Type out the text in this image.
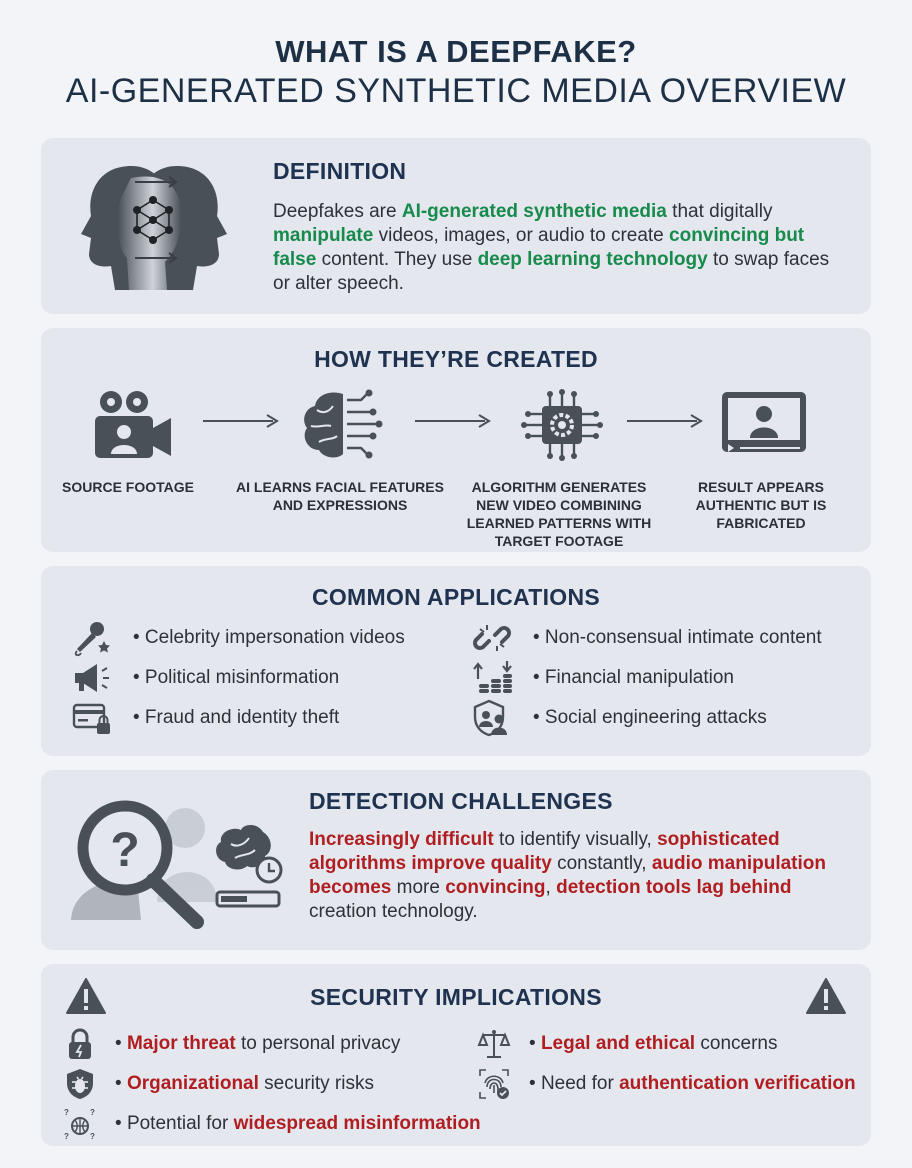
WHAT IS A DEEPFAKE?
AI-GENERATED SYNTHETIC MEDIA OVERVIEW
DEFINITION

Deepfakes are AI-generated synthetic media that digitally manipulate videos, images, or audio to create convincing but false content. They use deep learning technology to swap faces or alter speech.

HOW THEY’RE CREATED
SOURCE FOOTAGE	AI LEARNS FACIAL FEATURES AND EXPRESSIONS
ALGORITHM GENERATES NEW VIDEO COMBINING LEARNED PATTERNS WITH TARGET FOOTAGE
RESULT APPEARS AUTHENTIC BUT IS FABRICATED
COMMON APPLICATIONS
• Celebrity impersonation videos
• Political misinformation
• Fraud and identity theft
• Non-consensual intimate content
• Financial manipulation
• Social engineering attacks
?
DETECTION CHALLENGES

Increasingly difficult to identify visually, sophisticated algorithms improve quality constantly, audio manipulation becomes more convincing, detection tools lag behind creation technology.

SECURITY IMPLICATIONS
• Major threat to personal privacy
• Organizational security risks
?	?
?	?
• Potential for widespread misinformation
• Legal and ethical concerns
• Need for authentication verification
